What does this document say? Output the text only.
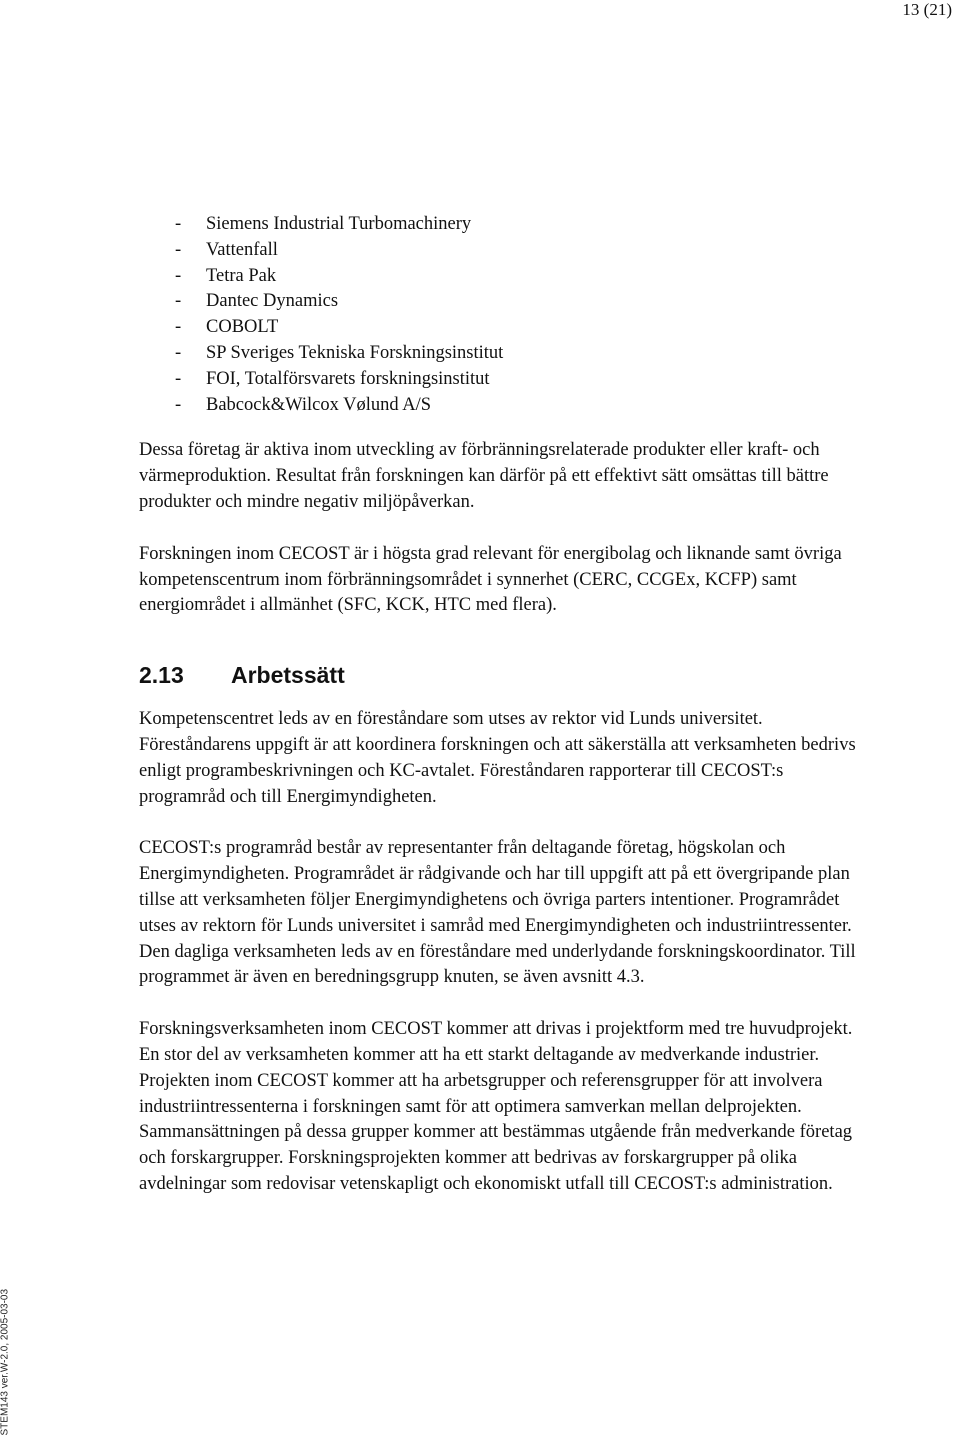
13 (21)
STEM143 ver.W-2.0, 2005-03-03
- Siemens Industrial Turbomachinery
- Vattenfall
- Tetra Pak
- Dantec Dynamics
- COBOLT
- SP Sveriges Tekniska Forskningsinstitut
- FOI, Totalförsvarets forskningsinstitut
- Babcock&Wilcox Vølund A/S

Dessa företag är aktiva inom utveckling av förbränningsrelaterade produkter eller kraft- och värmeproduktion. Resultat från forskningen kan därför på ett effektivt sätt omsättas till bättre produkter och mindre negativ miljöpåverkan.

Forskningen inom CECOST är i högsta grad relevant för energibolag och liknande samt övriga kompetenscentrum inom förbränningsområdet i synnerhet (CERC, CCGEx, KCFP) samt energiområdet i allmänhet (SFC, KCK, HTC med flera).

2.13 Arbetssätt

Kompetenscentret leds av en föreståndare som utses av rektor vid Lunds universitet. Föreståndarens uppgift är att koordinera forskningen och att säkerställa att verksamheten bedrivs enligt programbeskrivningen och KC-avtalet. Föreståndaren rapporterar till CECOST:s programråd och till Energimyndigheten.

CECOST:s programråd består av representanter från deltagande företag, högskolan och Energimyndigheten. Programrådet är rådgivande och har till uppgift att på ett övergripande plan tillse att verksamheten följer Energimyndighetens och övriga parters intentioner. Programrådet utses av rektorn för Lunds universitet i samråd med Energimyndigheten och industriintressenter. Den dagliga verksamheten leds av en föreståndare med underlydande forskningskoordinator. Till programmet är även en beredningsgrupp knuten, se även avsnitt 4.3.

Forskningsverksamheten inom CECOST kommer att drivas i projektform med tre huvudprojekt. En stor del av verksamheten kommer att ha ett starkt deltagande av medverkande industrier. Projekten inom CECOST kommer att ha arbetsgrupper och referensgrupper för att involvera industriintressenterna i forskningen samt för att optimera samverkan mellan delprojekten. Sammansättningen på dessa grupper kommer att bestämmas utgående från medverkande företag och forskargrupper. Forskningsprojekten kommer att bedrivas av forskargrupper på olika avdelningar som redovisar vetenskapligt och ekonomiskt utfall till CECOST:s administration.
